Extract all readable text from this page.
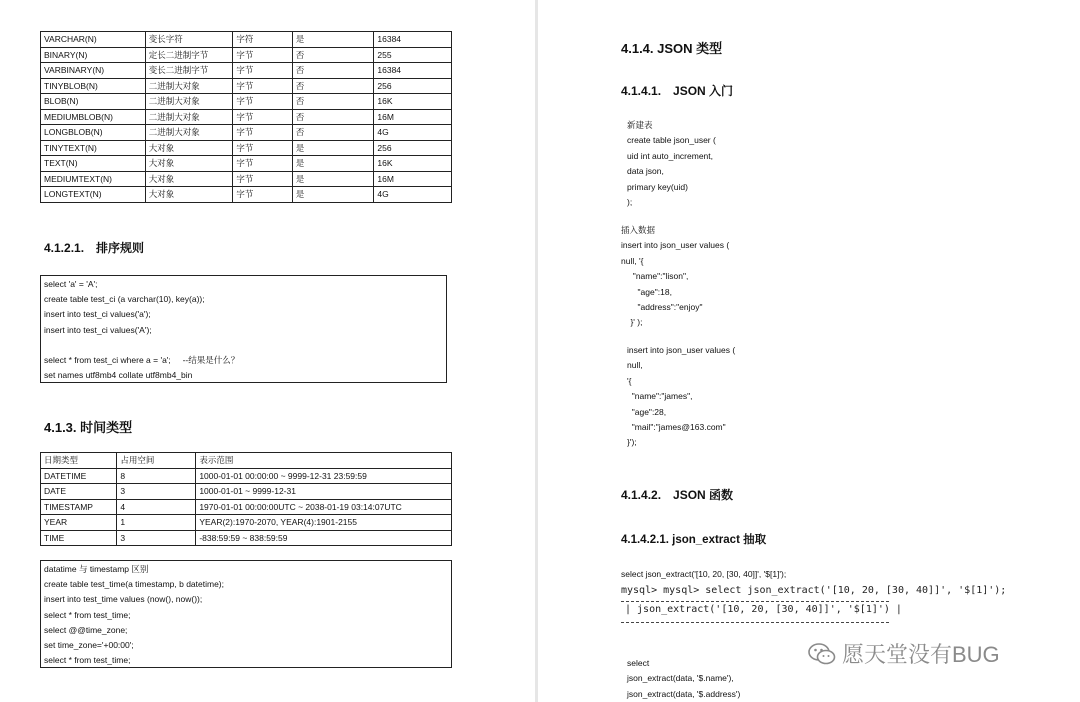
VARCHAR(N)	变长字符	字符	是	16384
BINARY(N)	定长二进制字节	字节	否	255
VARBINARY(N)	变长二进制字节	字节	否	16384
TINYBLOB(N)	二进制大对象	字节	否	256
BLOB(N)	二进制大对象	字节	否	16K
MEDIUMBLOB(N)	二进制大对象	字节	否	16M
LONGBLOB(N)	二进制大对象	字节	否	4G
TINYTEXT(N)	大对象	字节	是	256
TEXT(N)	大对象	字节	是	16K
MEDIUMTEXT(N)	大对象	字节	是	16M
LONGTEXT(N)	大对象	字节	是	4G
4.1.2.1.　排序规则
select 'a' = 'A';
create table test_ci (a varchar(10), key(a));
insert into test_ci values('a');
insert into test_ci values('A');

select * from test_ci where a = 'a';     --结果是什么？
set names utf8mb4 collate utf8mb4_bin
4.1.3. 时间类型
日期类型	占用空间	表示范围
DATETIME	8	1000-01-01 00:00:00 ~ 9999-12-31 23:59:59
DATE	3	1000-01-01 ~ 9999-12-31
TIMESTAMP	4	1970-01-01 00:00:00UTC ~ 2038-01-19 03:14:07UTC
YEAR	1	YEAR(2):1970-2070, YEAR(4):1901-2155
TIME	3	-838:59:59 ~ 838:59:59
datatime 与 timestamp 区别
create table test_time(a timestamp, b datetime);
insert into test_time values (now(), now());
select * from test_time;
select @@time_zone;
set time_zone='+00:00';
select * from test_time;
4.1.4. JSON 类型
4.1.4.1.　JSON 入门
新建表
create table json_user (
uid int auto_increment,
data json,
primary key(uid)
);
插入数据
insert into json_user values (
null, '{
"name":"lison",
"age":18,
"address":"enjoy"
}' );
insert into json_user values (
null,
'{
"name":"james",
"age":28,
"mail":"james@163.com"
}');
4.1.4.2.　JSON 函数
4.1.4.2.1. json_extract 抽取
select json_extract('[10, 20, [30, 40]]', '$[1]');
mysql> mysql> select json_extract('[10, 20, [30, 40]]', '$[1]');
| json_extract('[10, 20, [30, 40]]', '$[1]') |
select
json_extract(data, '$.name'),
json_extract(data, '$.address')
愿天堂没有BUG
